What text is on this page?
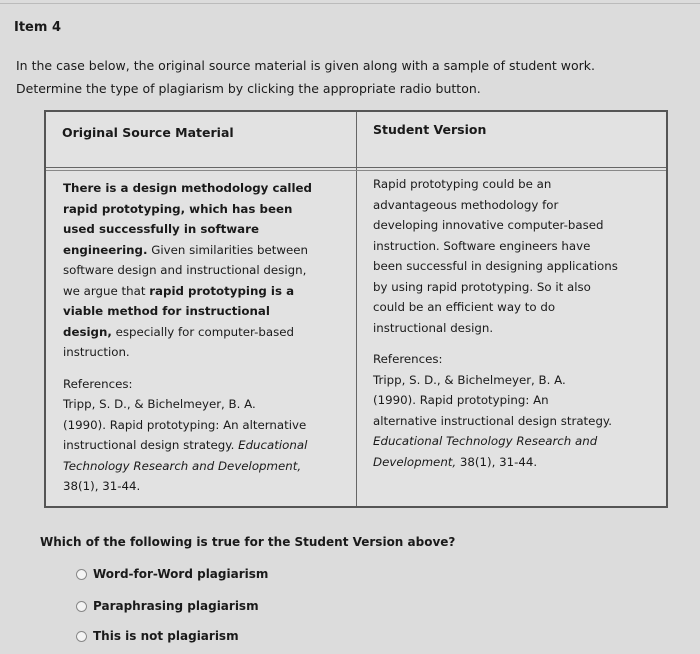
Item 4
In the case below, the original source material is given along with a sample of student work.
Determine the type of plagiarism by clicking the appropriate radio button.
Original Source Material	Student Version
There is a design methodology called
rapid prototyping, which has been
used successfully in software
engineering. Given similarities between
software design and instructional design,
we argue that rapid prototyping is a
viable method for instructional
design, especially for computer-based
instruction.
References:
Tripp, S. D., & Bichelmeyer, B. A.
(1990). Rapid prototyping: An alternative
instructional design strategy. Educational
Technology Research and Development,
38(1), 31-44.
Rapid prototyping could be an
advantageous methodology for
developing innovative computer-based
instruction. Software engineers have
been successful in designing applications
by using rapid prototyping. So it also
could be an efficient way to do
instructional design.
References:
Tripp, S. D., & Bichelmeyer, B. A.
(1990). Rapid prototyping: An
alternative instructional design strategy.
Educational Technology Research and
Development, 38(1), 31-44.
Which of the following is true for the Student Version above?
Word-for-Word plagiarism
Paraphrasing plagiarism
This is not plagiarism
